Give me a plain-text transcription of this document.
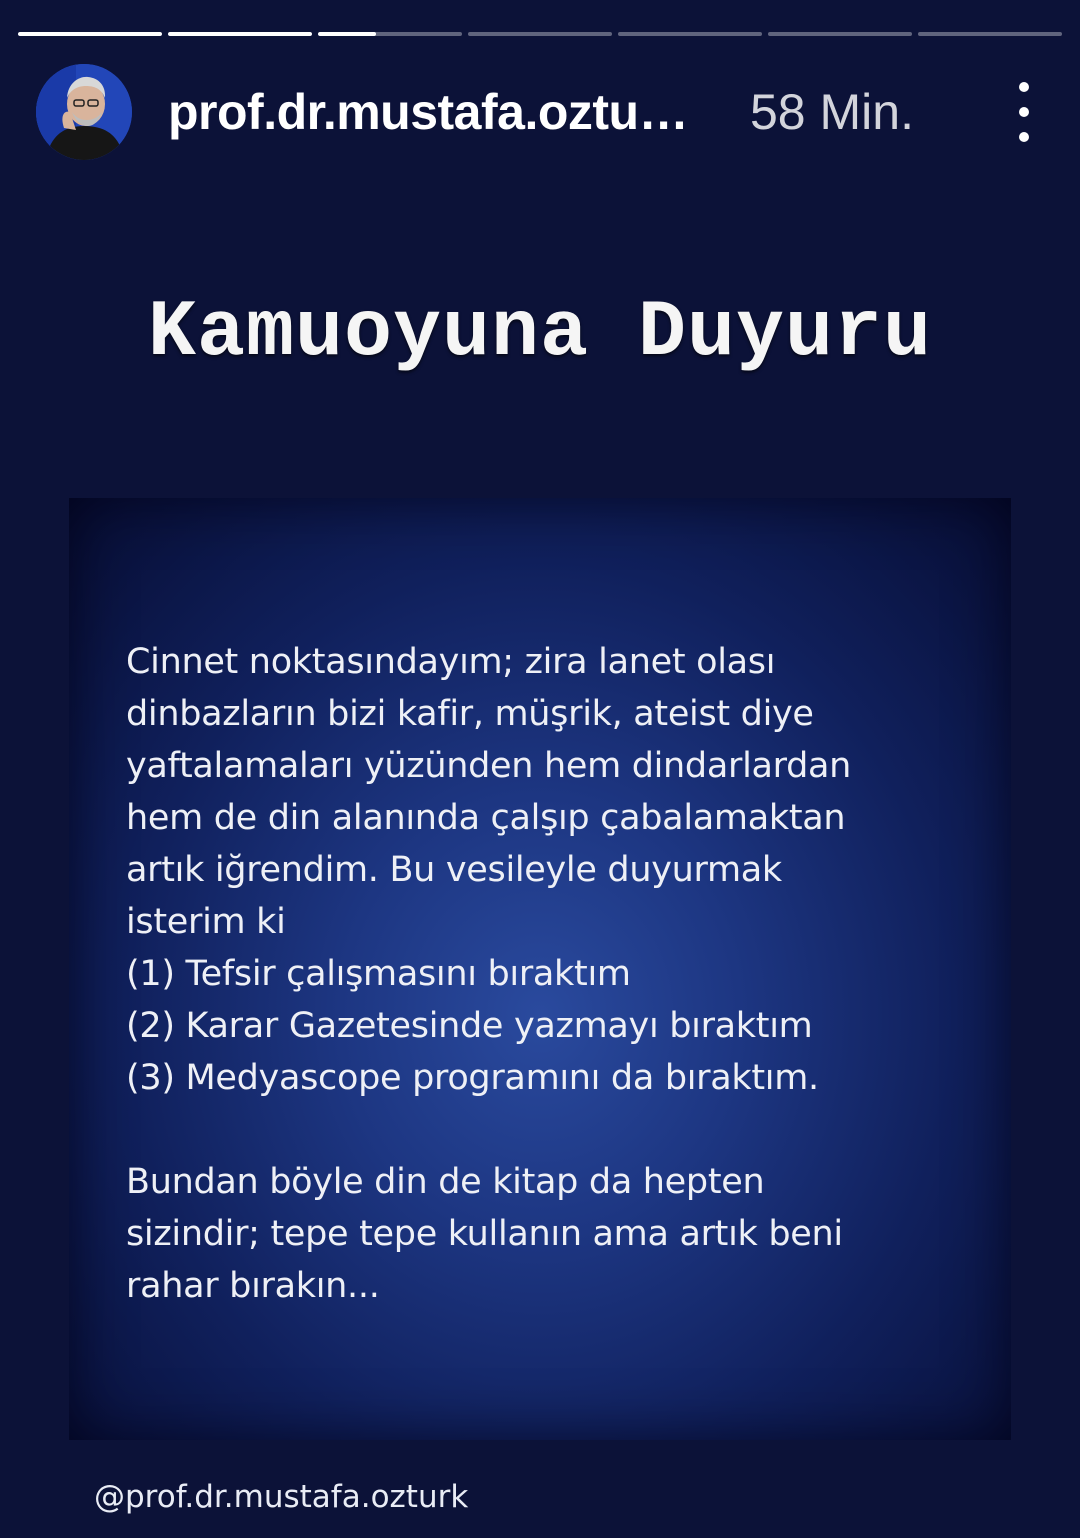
prof.dr.mustafa.oztu…	58 Min.
Kamuoyuna Duyuru
Cinnet noktasındayım; zira lanet olası
dinbazların bizi kafir, müşrik, ateist diye
yaftalamaları yüzünden hem dindarlardan
hem de din alanında çalşıp çabalamaktan
artık iğrendim. Bu vesileyle duyurmak
isterim ki
(1) Tefsir çalışmasını bıraktım
(2) Karar Gazetesinde yazmayı bıraktım
(3) Medyascope programını da bıraktım.
Bundan böyle din de kitap da hepten
sizindir; tepe tepe kullanın ama artık beni
rahar bırakın...
@prof.dr.mustafa.ozturk
